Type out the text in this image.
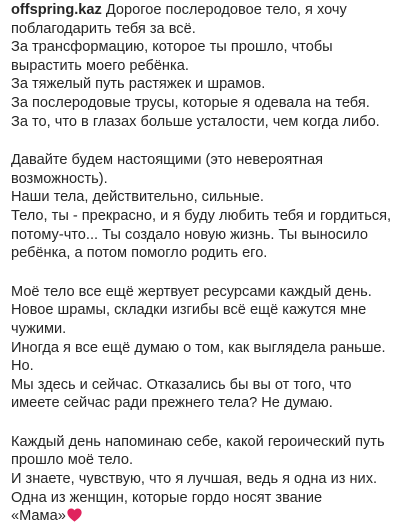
offspring.kaz Дорогое послеродовое тело, я хочу
поблагодарить тебя за всё.
За трансформацию, которое ты прошло, чтобы
вырастить моего ребёнка.
За тяжелый путь растяжек и шрамов.
За послеродовые трусы, которые я одевала на тебя.
За то, что в глазах больше усталости, чем когда либо.
Давайте будем настоящими (это невероятная
возможность).
Наши тела, действительно, сильные.
Тело, ты - прекрасно, и я буду любить тебя и гордиться,
потому-что... Ты создало новую жизнь. Ты выносило
ребёнка, а потом помогло родить его.
Моё тело все ещё жертвует ресурсами каждый день.
Новое шрамы, складки изгибы всё ещё кажутся мне
чужими.
Иногда я все ещё думаю о том, как выглядела раньше.
Но.
Мы здесь и сейчас. Отказались бы вы от того, что
имеете сейчас ради прежнего тела? Не думаю.
Каждый день напоминаю себе, какой героический путь
прошло моё тело.
И знаете, чувствую, что я лучшая, ведь я одна из них.
Одна из женщин, которые гордо носят звание
«Мама»
